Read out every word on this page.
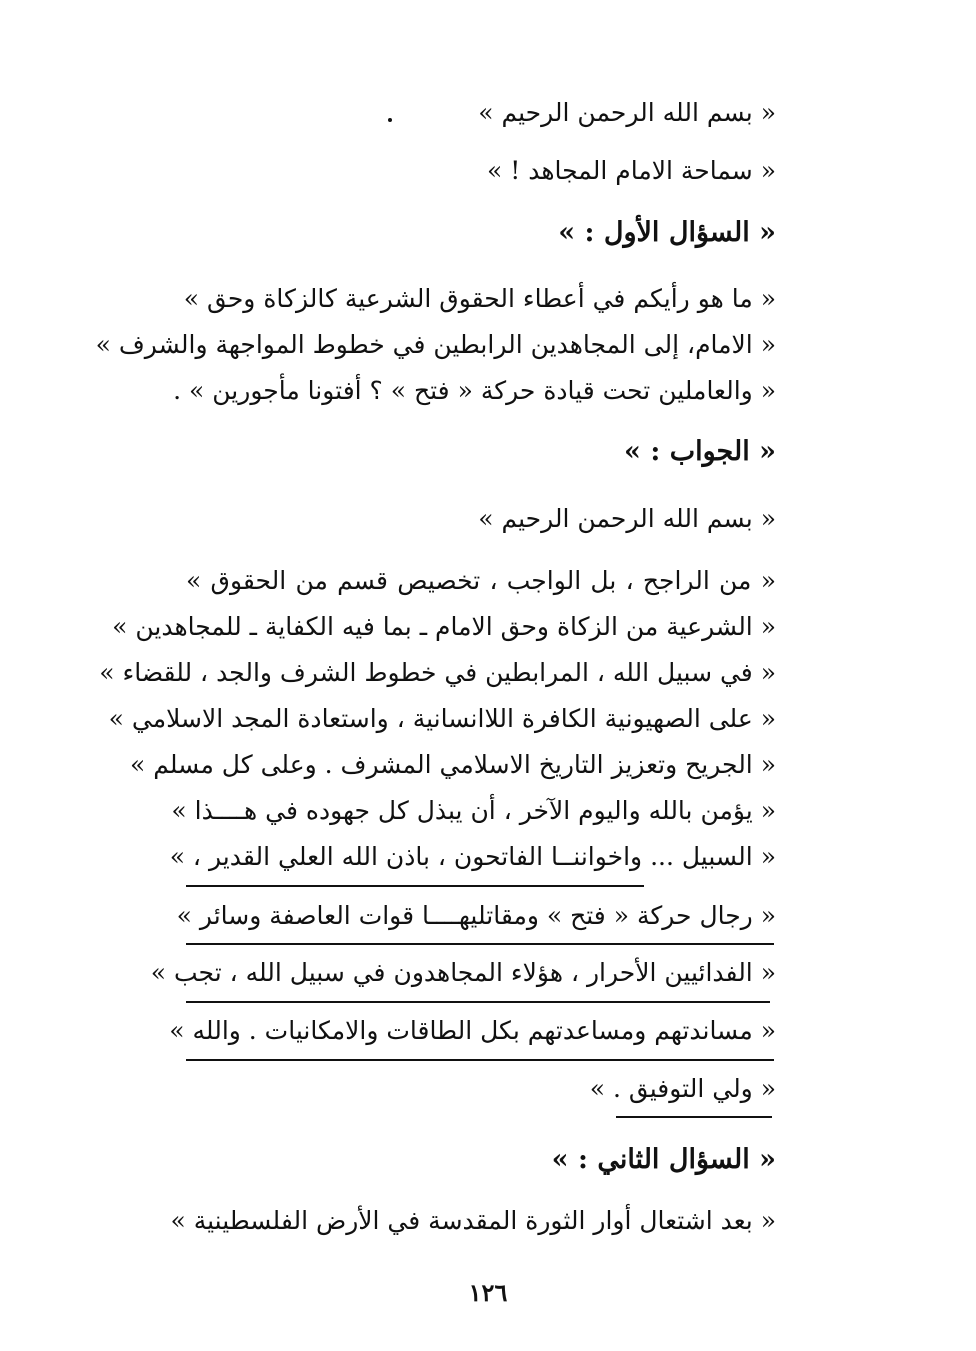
« بسم الله الرحمن الرحيم »
« سماحة الامام المجاهد ! »
« السؤال الأول : »
« ما هو رأيكم في أعطاء الحقوق الشرعية كالزكاة وحق »
« الامام، إلى المجاهدين الرابطين في خطوط المواجهة والشرف »
« والعاملين تحت قيادة حركة « فتح » ؟ أفتونا مأجورين » .
« الجواب : »
« بسم الله الرحمن الرحيم »
« من الراجح ، بل الواجب ، تخصيص قسم من الحقوق »
« الشرعية من الزكاة وحق الامام ـ بما فيه الكفاية ـ للمجاهدين »
« في سبيل الله ، المرابطين في خطوط الشرف والجد ، للقضاء »
« على الصهيونية الكافرة اللاانسانية ، واستعادة المجد الاسلامي »
« الجريح وتعزيز التاريخ الاسلامي المشرف . وعلى كل مسلم »
« يؤمن بالله واليوم الآخر ، أن يبذل كل جهوده في هــــذا »
« السبيل ... واخواننــا الفاتحون ، باذن الله العلي القدير ، »
« رجال حركة « فتح » ومقاتليهــــا قوات العاصفة وسائر »
« الفدائيين الأحرار ، هؤلاء المجاهدون في سبيل الله ، تجب »
« مساندتهم ومساعدتهم بكل الطاقات والامكانيات . والله »
« ولي التوفيق . »
« السؤال الثاني : »
« بعد اشتعال أوار الثورة المقدسة في الأرض الفلسطينية »
١٢٦
